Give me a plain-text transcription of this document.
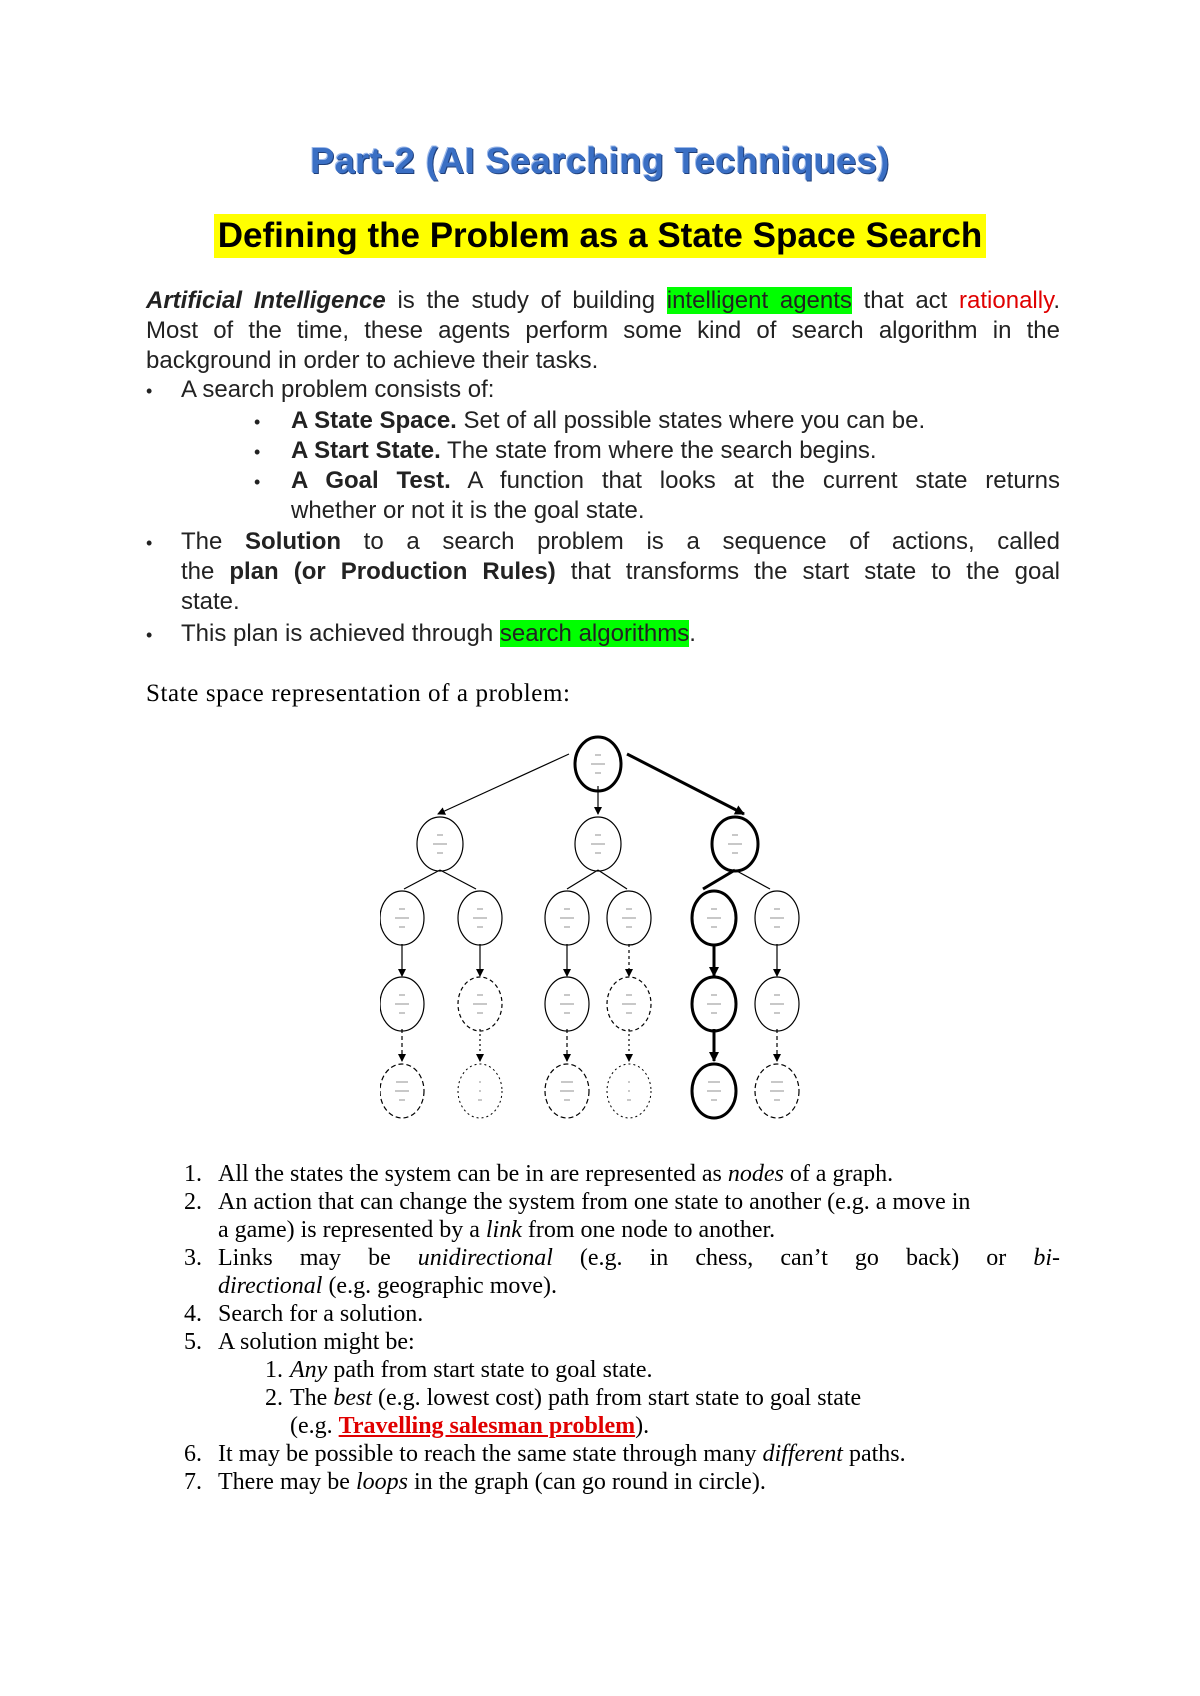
Part-2 (AI Searching Techniques)
Defining the Problem as a State Space Search
Artificial Intelligence is the study of building intelligent agents that act rationally. Most of the time, these agents perform some kind of search algorithm in the background in order to achieve their tasks.
• A search problem consists of:
• A State Space. Set of all possible states where you can be.
• A Start State. The state from where the search begins.
• A Goal Test. A function that looks at the current state returns
whether or not it is the goal state.
• The Solution to a search problem is a sequence of actions, called
the plan (or Production Rules) that transforms the start state to the goal
state.
• This plan is achieved through search algorithms.
State space representation of a problem:
1. All the states the system can be in are represented as nodes of a graph.
2. An action that can change the system from one state to another (e.g. a move in
a game) is represented by a link from one node to another.
3. Links may be unidirectional (e.g. in chess, can’t go back) or bi-
directional (e.g. geographic move).
4. Search for a solution.
5. A solution might be:
1. Any path from start state to goal state.
2. The best (e.g. lowest cost) path from start state to goal state
(e.g. Travelling salesman problem).
6. It may be possible to reach the same state through many different paths.
7. There may be loops in the graph (can go round in circle).
